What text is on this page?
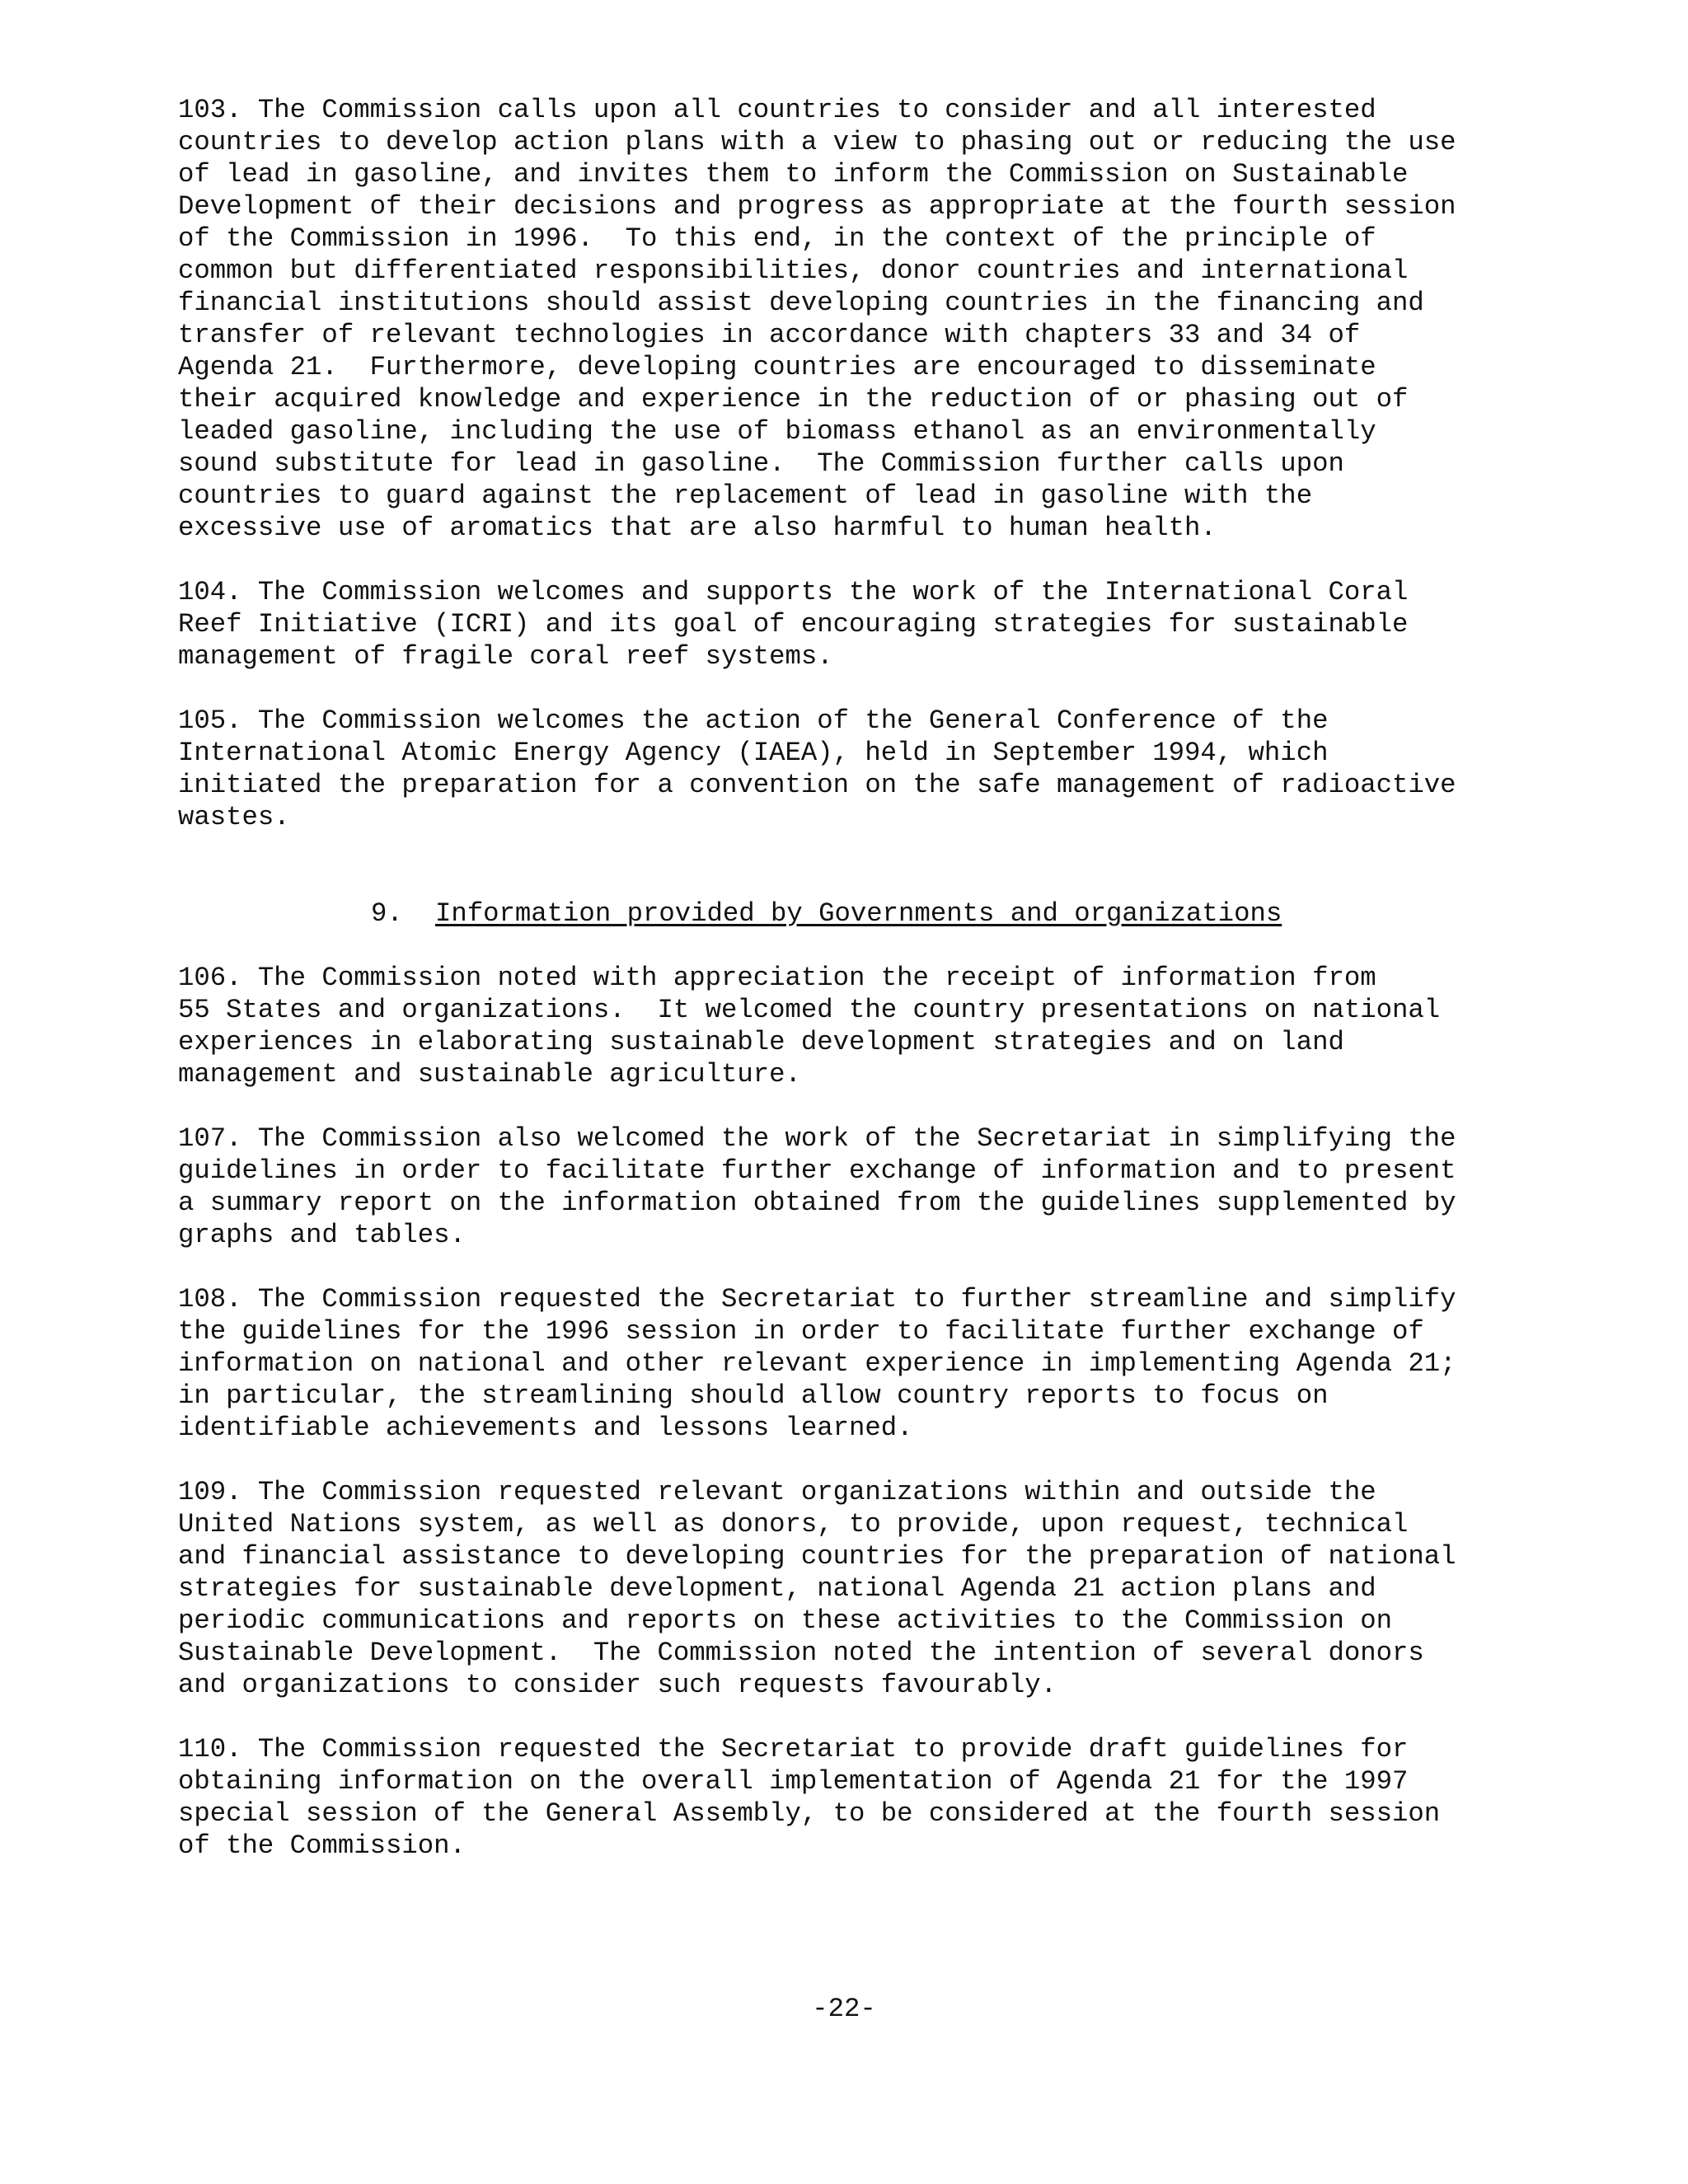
103. The Commission calls upon all countries to consider and all interested
countries to develop action plans with a view to phasing out or reducing the use
of lead in gasoline, and invites them to inform the Commission on Sustainable
Development of their decisions and progress as appropriate at the fourth session
of the Commission in 1996.  To this end, in the context of the principle of
common but differentiated responsibilities, donor countries and international
financial institutions should assist developing countries in the financing and
transfer of relevant technologies in accordance with chapters 33 and 34 of
Agenda 21.  Furthermore, developing countries are encouraged to disseminate
their acquired knowledge and experience in the reduction of or phasing out of
leaded gasoline, including the use of biomass ethanol as an environmentally
sound substitute for lead in gasoline.  The Commission further calls upon
countries to guard against the replacement of lead in gasoline with the
excessive use of aromatics that are also harmful to human health.

104. The Commission welcomes and supports the work of the International Coral
Reef Initiative (ICRI) and its goal of encouraging strategies for sustainable
management of fragile coral reef systems.

105. The Commission welcomes the action of the General Conference of the
International Atomic Energy Agency (IAEA), held in September 1994, which
initiated the preparation for a convention on the safe management of radioactive
wastes.

9. Information provided by Governments and organizations

106. The Commission noted with appreciation the receipt of information from
55 States and organizations.  It welcomed the country presentations on national
experiences in elaborating sustainable development strategies and on land
management and sustainable agriculture.

107. The Commission also welcomed the work of the Secretariat in simplifying the
guidelines in order to facilitate further exchange of information and to present
a summary report on the information obtained from the guidelines supplemented by
graphs and tables.

108. The Commission requested the Secretariat to further streamline and simplify
the guidelines for the 1996 session in order to facilitate further exchange of
information on national and other relevant experience in implementing Agenda 21;
in particular, the streamlining should allow country reports to focus on
identifiable achievements and lessons learned.

109. The Commission requested relevant organizations within and outside the
United Nations system, as well as donors, to provide, upon request, technical
and financial assistance to developing countries for the preparation of national
strategies for sustainable development, national Agenda 21 action plans and
periodic communications and reports on these activities to the Commission on
Sustainable Development.  The Commission noted the intention of several donors
and organizations to consider such requests favourably.

110. The Commission requested the Secretariat to provide draft guidelines for
obtaining information on the overall implementation of Agenda 21 for the 1997
special session of the General Assembly, to be considered at the fourth session
of the Commission.

-22-
